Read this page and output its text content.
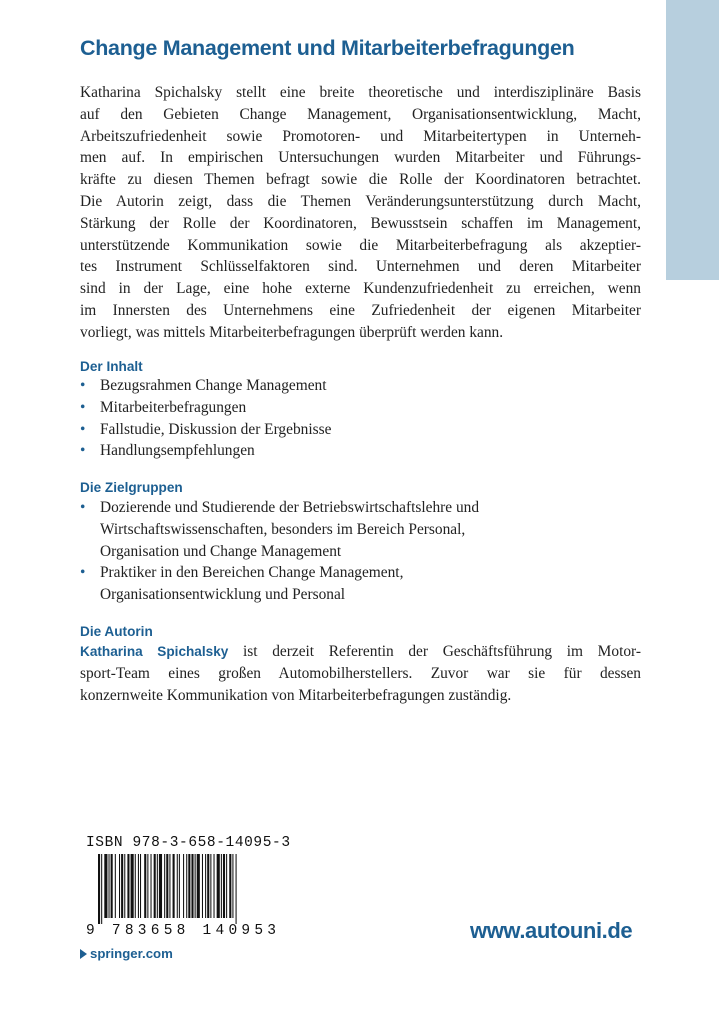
Change Management und Mitarbeiterbefragungen

Katharina Spichalsky stellt eine breite theoretische und interdisziplinäre Basis
auf den Gebieten Change Management, Organisationsentwicklung, Macht,
Arbeitszufriedenheit sowie Promotoren- und Mitarbeitertypen in Unterneh-
men auf. In empirischen Untersuchungen wurden Mitarbeiter und Führungs-
kräfte zu diesen Themen befragt sowie die Rolle der Koordinatoren betrachtet.
Die Autorin zeigt, dass die Themen Veränderungsunterstützung durch Macht,
Stärkung der Rolle der Koordinatoren, Bewusstsein schaffen im Management,
unterstützende Kommunikation sowie die Mitarbeiterbefragung als akzeptier-
tes Instrument Schlüsselfaktoren sind. Unternehmen und deren Mitarbeiter
sind in der Lage, eine hohe externe Kundenzufriedenheit zu erreichen, wenn
im Innersten des Unternehmens eine Zufriedenheit der eigenen Mitarbeiter
vorliegt, was mittels Mitarbeiterbefragungen überprüft werden kann.

Der Inhalt
• Bezugsrahmen Change Management
• Mitarbeiterbefragungen
• Fallstudie, Diskussion der Ergebnisse
• Handlungsempfehlungen
Die Zielgruppen
• Dozierende und Studierende der Betriebswirtschaftslehre und
Wirtschaftswissenschaften, besonders im Bereich Personal,
Organisation und Change Management
• Praktiker in den Bereichen Change Management,
Organisationsentwicklung und Personal
Die Autorin
Katharina Spichalsky ist derzeit Referentin der Geschäftsführung im Motor-
sport-Team eines großen Automobilherstellers. Zuvor war sie für dessen
konzernweite Kommunikation von Mitarbeiterbefragungen zuständig.
ISBN 978-3-658-14095-3
9 783658 140953	www.autouni.de
springer.com
